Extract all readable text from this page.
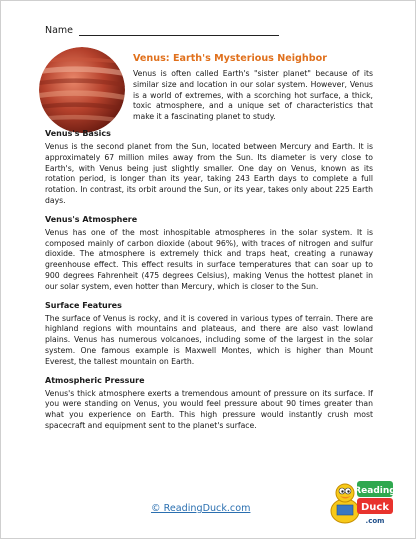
Name
Venus: Earth's Mysterious Neighbor

Venus is often called Earth's "sister planet" because of its similar size and location in our solar system. However, Venus is a world of extremes, with a scorching hot surface, a thick, toxic atmosphere, and a unique set of characteristics that make it a fascinating planet to study.

Venus's Basics

Venus is the second planet from the Sun, located between Mercury and Earth. It is approximately 67 million miles away from the Sun. Its diameter is very close to Earth's, with Venus being just slightly smaller. One day on Venus, known as its rotation period, is longer than its year, taking 243 Earth days to complete a full rotation. In contrast, its orbit around the Sun, or its year, takes only about 225 Earth days.

Venus's Atmosphere

Venus has one of the most inhospitable atmospheres in the solar system. It is composed mainly of carbon dioxide (about 96%), with traces of nitrogen and sulfur dioxide. The atmosphere is extremely thick and traps heat, creating a runaway greenhouse effect. This effect results in surface temperatures that can soar up to 900 degrees Fahrenheit (475 degrees Celsius), making Venus the hottest planet in our solar system, even hotter than Mercury, which is closer to the Sun.

Surface Features

The surface of Venus is rocky, and it is covered in various types of terrain. There are highland regions with mountains and plateaus, and there are also vast lowland plains. Venus has numerous volcanoes, including some of the largest in the solar system. One famous example is Maxwell Montes, which is higher than Mount Everest, the tallest mountain on Earth.

Atmospheric Pressure

Venus's thick atmosphere exerts a tremendous amount of pressure on its surface. If you were standing on Venus, you would feel pressure about 90 times greater than what you experience on Earth. This high pressure would instantly crush most spacecraft and equipment sent to the planet's surface.

© ReadingDuck.com
Reading
Duck
.com
